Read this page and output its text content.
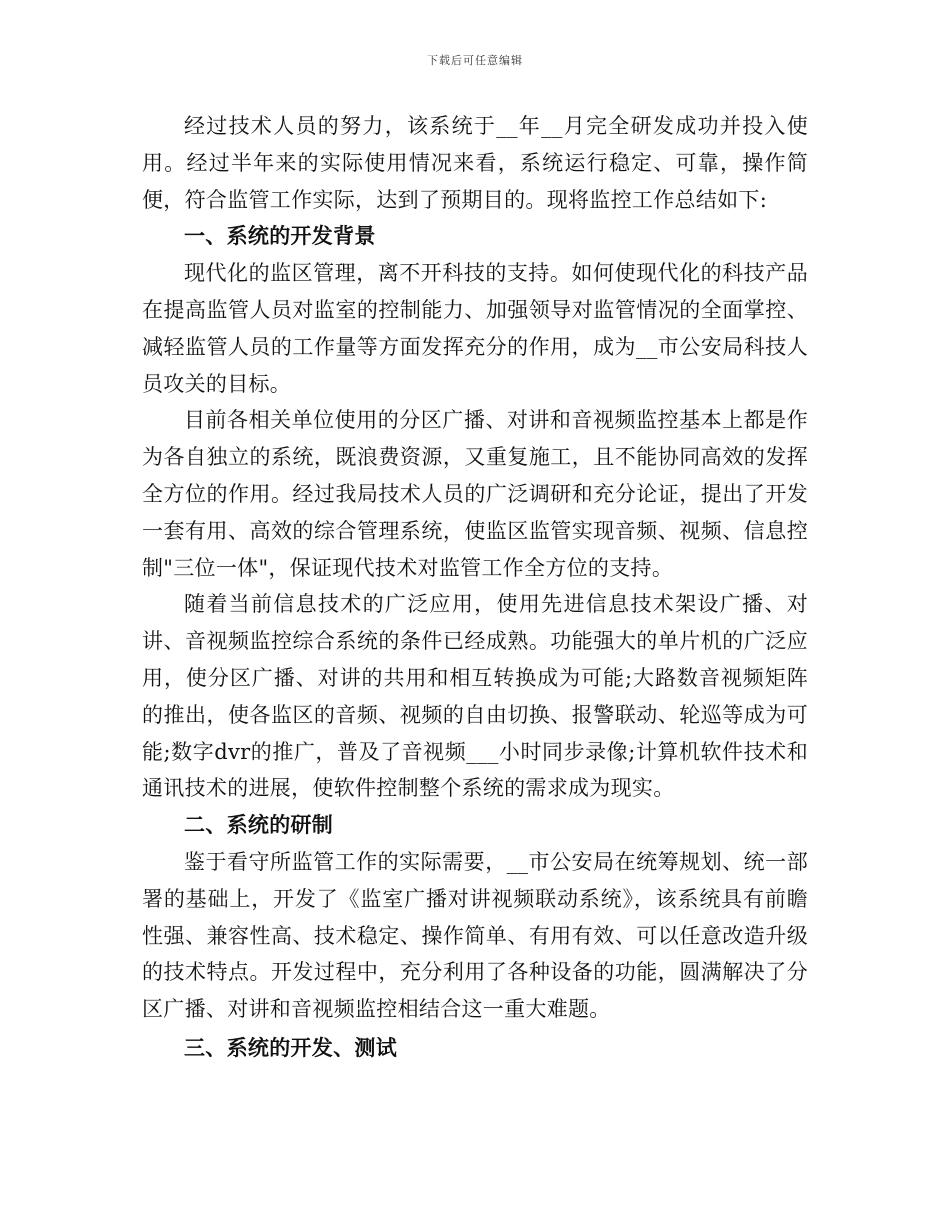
下载后可任意编辑

经过技术人员的努力，该系统于__年__月完全研发成功并投入使用。经过半年来的实际使用情况来看，系统运行稳定、可靠，操作简便，符合监管工作实际，达到了预期目的。现将监控工作总结如下:

一、系统的开发背景

现代化的监区管理，离不开科技的支持。如何使现代化的科技产品在提高监管人员对监室的控制能力、加强领导对监管情况的全面掌控、减轻监管人员的工作量等方面发挥充分的作用，成为__市公安局科技人员攻关的目标。

目前各相关单位使用的分区广播、对讲和音视频监控基本上都是作为各自独立的系统，既浪费资源，又重复施工，且不能协同高效的发挥全方位的作用。经过我局技术人员的广泛调研和充分论证，提出了开发一套有用、高效的综合管理系统，使监区监管实现音频、视频、信息控制"三位一体"，保证现代技术对监管工作全方位的支持。

随着当前信息技术的广泛应用，使用先进信息技术架设广播、对讲、音视频监控综合系统的条件已经成熟。功能强大的单片机的广泛应用，使分区广播、对讲的共用和相互转换成为可能;大路数音视频矩阵的推出，使各监区的音频、视频的自由切换、报警联动、轮巡等成为可能;数字dvr的推广，普及了音视频___小时同步录像;计算机软件技术和通讯技术的进展，使软件控制整个系统的需求成为现实。

二、系统的研制

鉴于看守所监管工作的实际需要，__市公安局在统筹规划、统一部署的基础上，开发了《监室广播对讲视频联动系统》，该系统具有前瞻性强、兼容性高、技术稳定、操作简单、有用有效、可以任意改造升级的技术特点。开发过程中，充分利用了各种设备的功能，圆满解决了分区广播、对讲和音视频监控相结合这一重大难题。

三、系统的开发、测试
